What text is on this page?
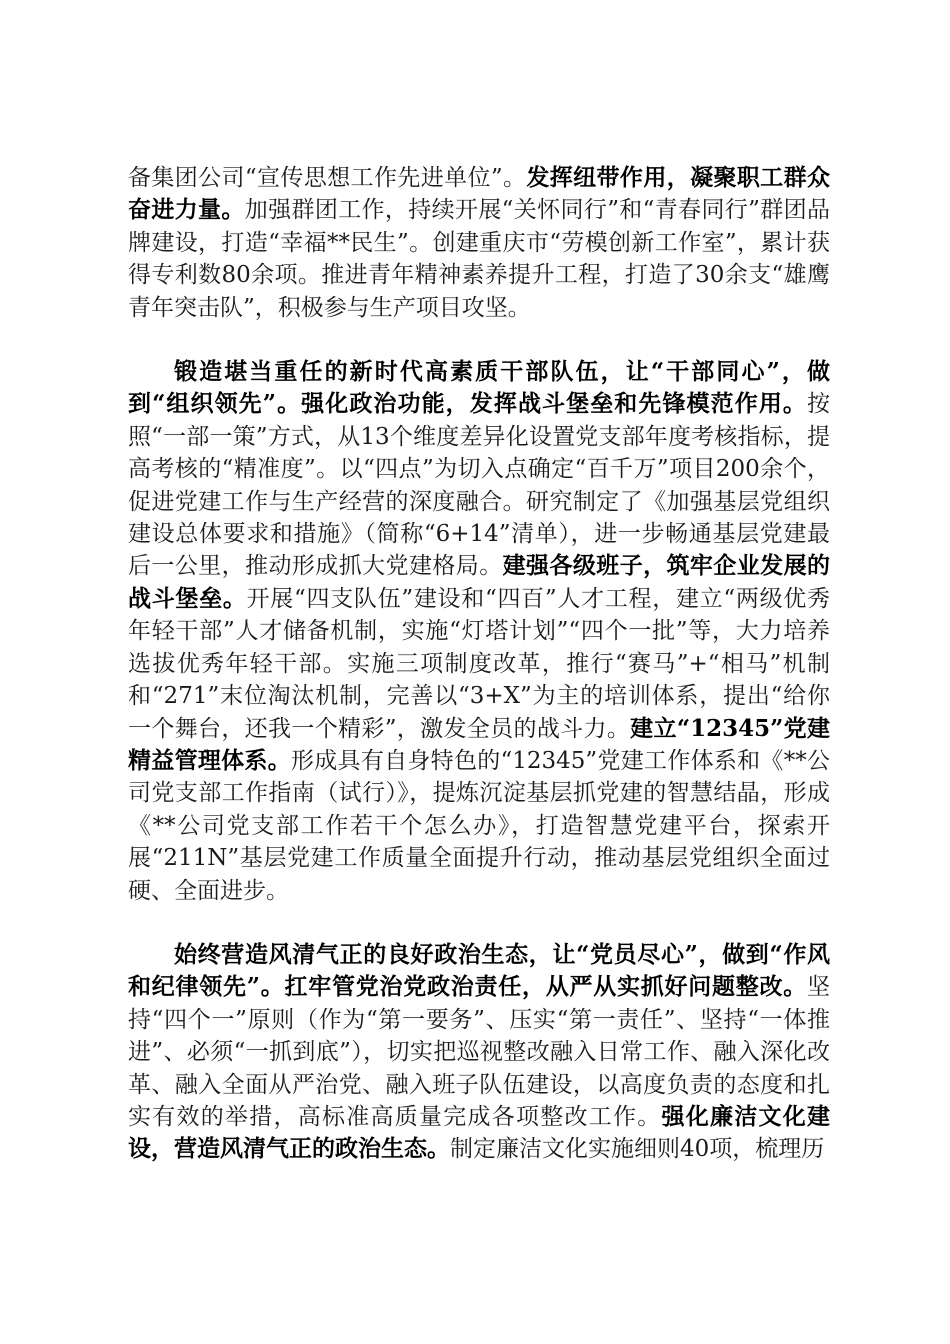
备集团公司“宣传思想工作先进单位”。发挥纽带作用，凝聚职工群众奋进力量。加强群团工作，持续开展“关怀同行”和“青春同行”群团品牌建设，打造“幸福**民生”。创建重庆市“劳模创新工作室”，累计获得专利数80余项。推进青年精神素养提升工程，打造了30余支“雄鹰青年突击队”，积极参与生产项目攻坚。

锻造堪当重任的新时代高素质干部队伍，让“干部同心”，做到“组织领先”。强化政治功能，发挥战斗堡垒和先锋模范作用。按照“一部一策”方式，从13个维度差异化设置党支部年度考核指标，提高考核的“精准度”。以“四点”为切入点确定“百千万”项目200余个，促进党建工作与生产经营的深度融合。研究制定了《加强基层党组织建设总体要求和措施》（简称“6+14”清单），进一步畅通基层党建最后一公里，推动形成抓大党建格局。建强各级班子，筑牢企业发展的战斗堡垒。开展“四支队伍”建设和“四百”人才工程，建立“两级优秀年轻干部”人才储备机制，实施“灯塔计划”“四个一批”等，大力培养选拔优秀年轻干部。实施三项制度改革，推行“赛马”+“相马”机制和“271”末位淘汰机制，完善以“3+X”为主的培训体系，提出“给你一个舞台，还我一个精彩”，激发全员的战斗力。建立“12345”党建精益管理体系。形成具有自身特色的“12345”党建工作体系和《**公司党支部工作指南（试行）》，提炼沉淀基层抓党建的智慧结晶，形成《**公司党支部工作若干个怎么办》，打造智慧党建平台，探索开展“211N”基层党建工作质量全面提升行动，推动基层党组织全面过硬、全面进步。

始终营造风清气正的良好政治生态，让“党员尽心”，做到“作风和纪律领先”。扛牢管党治党政治责任，从严从实抓好问题整改。坚持“四个一”原则（作为“第一要务”、压实“第一责任”、坚持“一体推进”、必须“一抓到底”），切实把巡视整改融入日常工作、融入深化改革、融入全面从严治党、融入班子队伍建设，以高度负责的态度和扎实有效的举措，高标准高质量完成各项整改工作。强化廉洁文化建设，营造风清气正的政治生态。制定廉洁文化实施细则40项，梳理历
